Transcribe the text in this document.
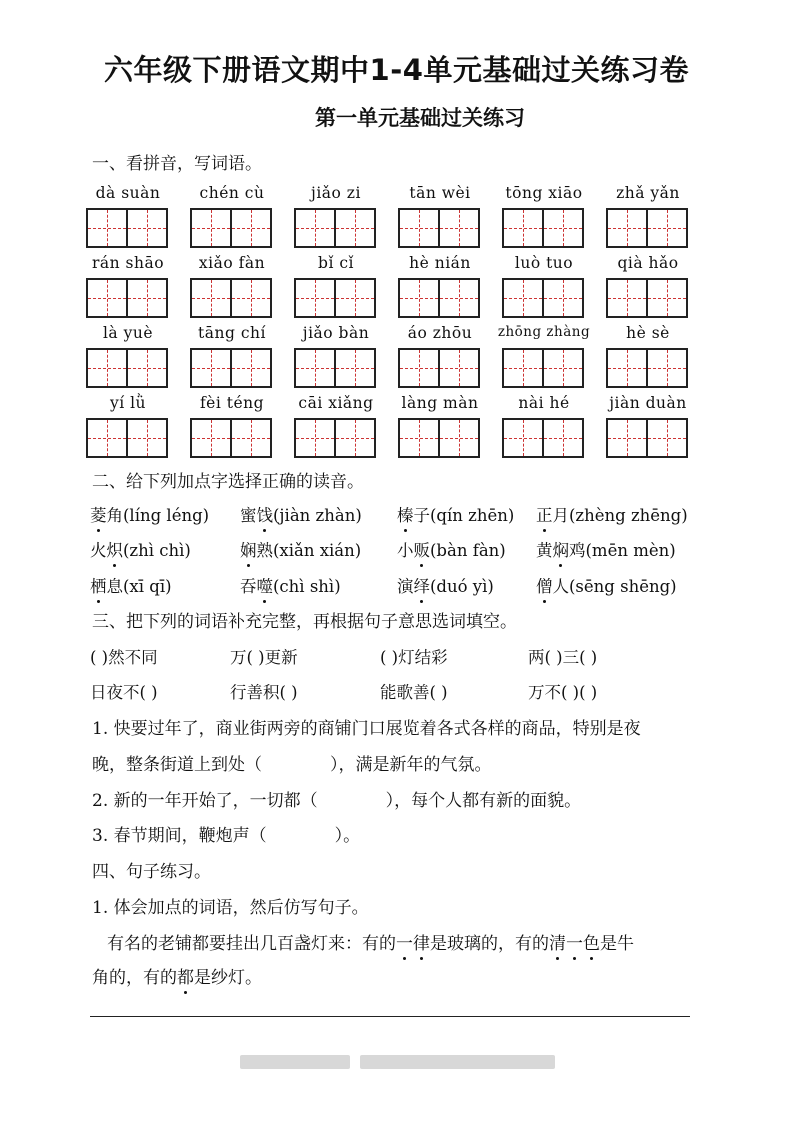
六年级下册语文期中1-4单元基础过关练习卷
第一单元基础过关练习
一、看拼音，写词语。
dà suàn	chén cù	jiǎo zi	tān wèi	tōng xiāo	zhǎ yǎn
rán shāo	xiǎo fàn	bǐ cǐ	hè nián	luò tuo	qià hǎo
là yuè	tāng chí	jiǎo bàn	áo zhōu	zhōng zhàng	hè sè
yí lǜ	fèi téng	cāi xiǎng	làng màn	nài hé	jiàn duàn
二、给下列加点字选择正确的读音。
菱角(líng léng) 蜜饯(jiàn zhàn) 榛子(qín zhēn) 正月(zhèng zhēng)
火炽(zhì chì)	娴熟(xiǎn xián) 小贩(bàn fàn) 黄焖鸡(mēn mèn)
栖息(xī qī)	吞噬(chì shì)	演绎(duó yì)	僧人(sēng shēng)
三、把下列的词语补充完整，再根据句子意思选词填空。
( )然不同	万( )更新	( )灯结彩	两( )三( )
日夜不( )	行善积( )	能歌善( )	万不( )( )
1. 快要过年了，商业街两旁的商铺门口展览着各式各样的商品，特别是夜
晚，整条街道上到处（　　　　），满是新年的气氛。
2. 新的一年开始了，一切都（　　　　），每个人都有新的面貌。
3. 春节期间，鞭炮声（　　　　）。
四、句子练习。
1. 体会加点的词语，然后仿写句子。
有名的老铺都要挂出几百盏灯来：有的一律是玻璃的，有的清一色是牛
角的，有的都是纱灯。
